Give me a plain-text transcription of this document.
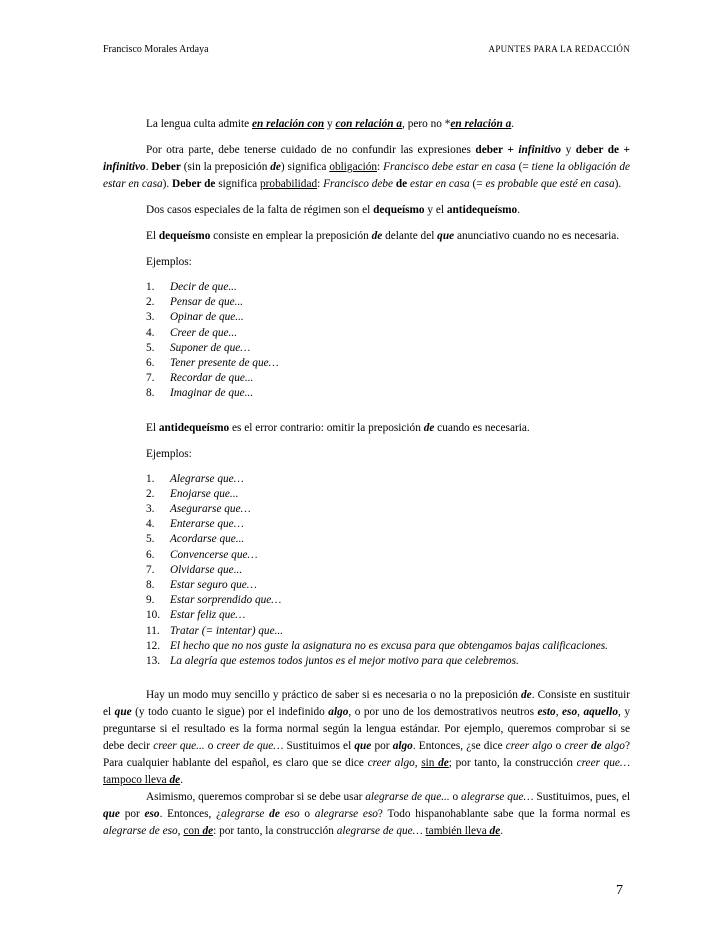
Francisco Morales Ardaya	APUNTES PARA LA REDACCIÓN

La lengua culta admite en relación con y con relación a, pero no *en relación a.

Por otra parte, debe tenerse cuidado de no confundir las expresiones deber + infinitivo y deber de + infinitivo. Deber (sin la preposición de) significa obligación: Francisco debe estar en casa (= tiene la obligación de estar en casa). Deber de significa probabilidad: Francisco debe de estar en casa (= es probable que esté en casa).

Dos casos especiales de la falta de régimen son el dequeísmo y el antidequeísmo.

El dequeísmo consiste en emplear la preposición de delante del que anunciativo cuando no es necesaria.

Ejemplos:

1. Decir de que...
2. Pensar de que...
3. Opinar de que...
4. Creer de que...
5. Suponer de que…
6. Tener presente de que…
7. Recordar de que...
8. Imaginar de que...

El antidequeísmo es el error contrario: omitir la preposición de cuando es necesaria.

Ejemplos:

1. Alegrarse que…
2. Enojarse que...
3. Asegurarse que…
4. Enterarse que…
5. Acordarse que...
6. Convencerse que…
7. Olvidarse que...
8. Estar seguro que…
9. Estar sorprendido que…
10. Estar feliz que…
11. Tratar (= intentar) que...
12. El hecho que no nos guste la asignatura no es excusa para que obtengamos bajas calificaciones.
13. La alegría que estemos todos juntos es el mejor motivo para que celebremos.

Hay un modo muy sencillo y práctico de saber si es necesaria o no la preposición de. Consiste en sustituir el que (y todo cuanto le sigue) por el indefinido algo, o por uno de los demostrativos neutros esto, eso, aquello, y preguntarse si el resultado es la forma normal según la lengua estándar. Por ejemplo, queremos comprobar si se debe decir creer que... o creer de que… Sustituimos el que por algo. Entonces, ¿se dice creer algo o creer de algo? Para cualquier hablante del español, es claro que se dice creer algo, sin de; por tanto, la construcción creer que… tampoco lleva de.

Asimismo, queremos comprobar si se debe usar alegrarse de que... o alegrarse que… Sustituimos, pues, el que por eso. Entonces, ¿alegrarse de eso o alegrarse eso? Todo hispanohablante sabe que la forma normal es alegrarse de eso, con de: por tanto, la construcción alegrarse de que… también lleva de.

7
